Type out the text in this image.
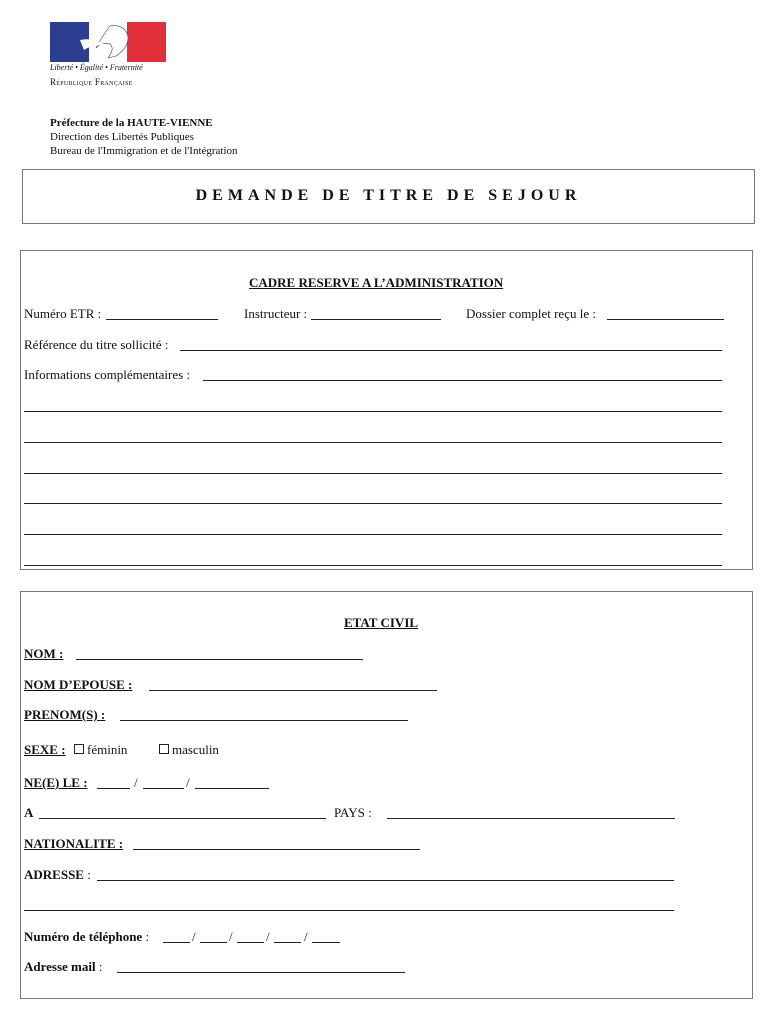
Liberté • Égalité • Fraternité
République Française
Préfecture de la HAUTE-VIENNE
Direction des Libertés Publiques
Bureau de l'Immigration et de l'Intégration
DEMANDE DE TITRE DE SEJOUR
CADRE RESERVE A L’ADMINISTRATION
Numéro ETR :	Instructeur :	Dossier complet reçu le :
Référence du titre sollicité :
Informations complémentaires :
ETAT CIVIL
NOM :
NOM D’EPOUSE :
PRENOM(S) :
SEXE :	féminin	masculin
NE(E) LE :	/	/
A	PAYS :
NATIONALITE :
ADRESSE :
Numéro de téléphone :	/	/	/	/
Adresse mail :
